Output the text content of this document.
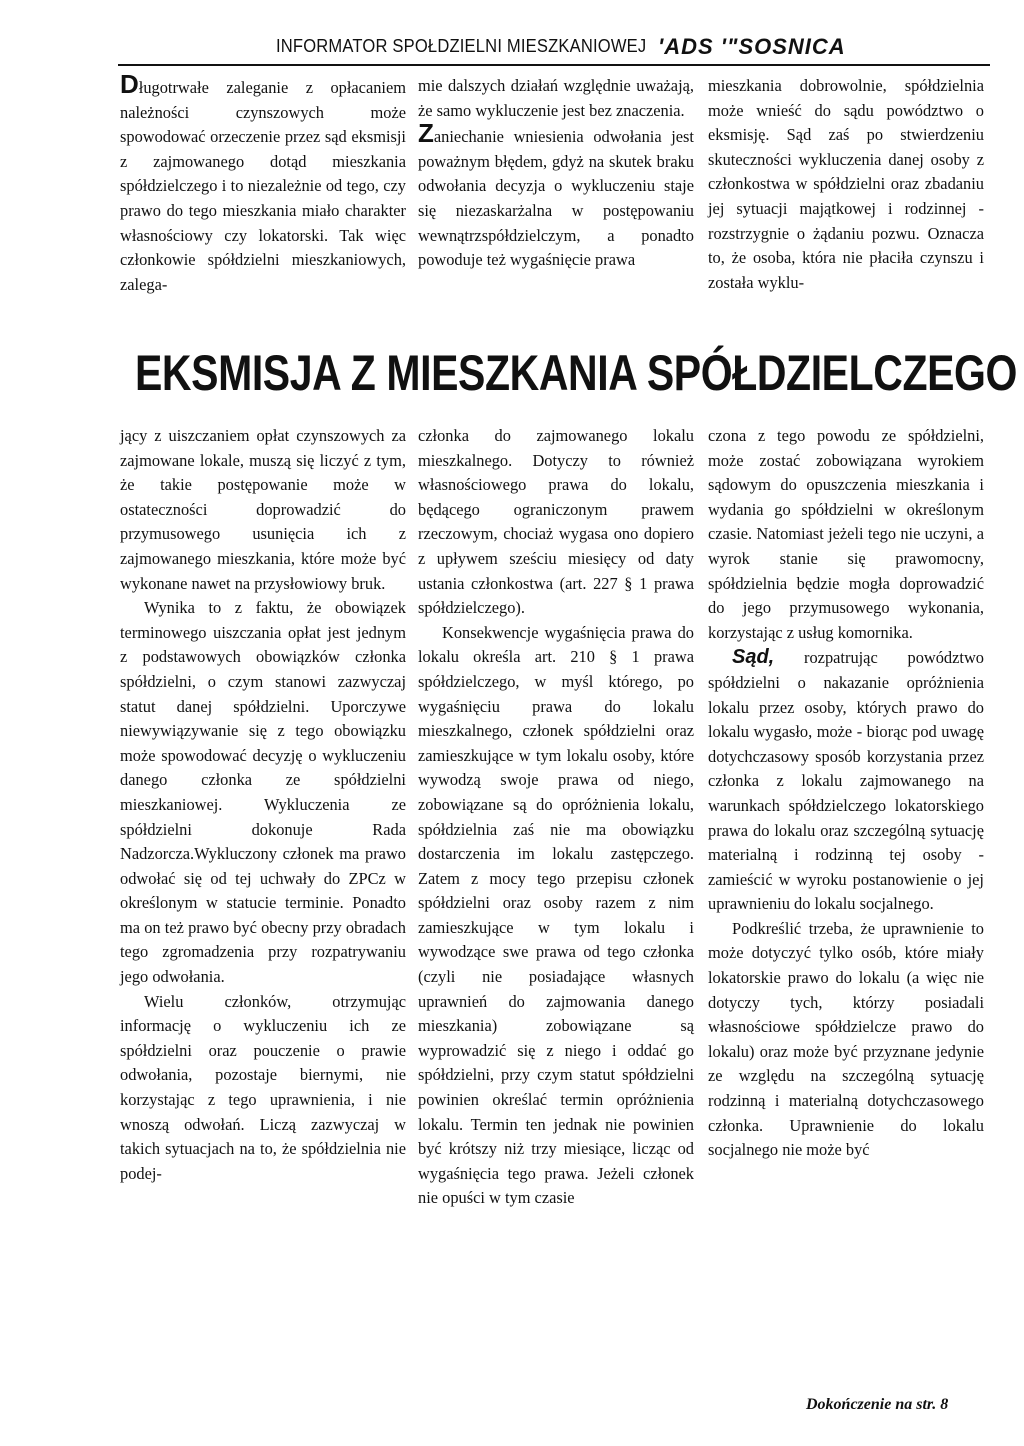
INFORMATOR SPOŁDZIELNI MIESZKANIOWEJ 'ADS '"SOSNICA

Długotrwałe zaleganie z opłacaniem należności czynszowych może spowodować orzeczenie przez sąd eksmisji z zajmowanego dotąd mieszkania spółdzielczego i to niezależnie od tego, czy prawo do tego mieszkania miało charakter własnościowy czy lokatorski. Tak więc członkowie spółdzielni mieszkaniowych, zalega-

mie dalszych działań względnie uważają, że samo wykluczenie jest bez znaczenia.

Zaniechanie wniesienia odwołania jest poważnym błędem, gdyż na skutek braku odwołania decyzja o wykluczeniu staje się niezaskarżalna w postępowaniu wewnątrzspółdzielczym, a ponadto powoduje też wygaśnięcie prawa

mieszkania dobrowolnie, spółdzielnia może wnieść do sądu powództwo o eksmisję. Sąd zaś po stwierdzeniu skuteczności wykluczenia danej osoby z członkostwa w spółdzielni oraz zbadaniu jej sytuacji majątkowej i rodzinnej - rozstrzygnie o żądaniu pozwu. Oznacza to, że osoba, która nie płaciła czynszu i została wyklu-

EKSMISJA Z MIESZKANIA SPÓŁDZIELCZEGO

jący z uiszczaniem opłat czynszowych za zajmowane lokale, muszą się liczyć z tym, że takie postępowanie może w ostateczności doprowadzić do przymusowego usunięcia ich z zajmowanego mieszkania, które może być wykonane nawet na przysłowiowy bruk.

Wynika to z faktu, że obowiązek terminowego uiszczania opłat jest jednym z podstawowych obowiązków członka spółdzielni, o czym stanowi zazwyczaj statut danej spółdzielni. Uporczywe niewywiązywanie się z tego obowiązku może spowodować decyzję o wykluczeniu danego członka ze spółdzielni mieszkaniowej. Wykluczenia ze spółdzielni dokonuje Rada Nadzorcza.Wykluczony członek ma prawo odwołać się od tej uchwały do ZPCz w określonym w statucie terminie. Ponadto ma on też prawo być obecny przy obradach tego zgromadzenia przy rozpatrywaniu jego odwołania.

Wielu członków, otrzymując informację o wykluczeniu ich ze spółdzielni oraz pouczenie o prawie odwołania, pozostaje biernymi, nie korzystając z tego uprawnienia, i nie wnoszą odwołań. Liczą zazwyczaj w takich sytuacjach na to, że spółdzielnia nie podej-

członka do zajmowanego lokalu mieszkalnego. Dotyczy to również własnościowego prawa do lokalu, będącego ograniczonym prawem rzeczowym, chociaż wygasa ono dopiero z upływem sześciu miesięcy od daty ustania członkostwa (art. 227 § 1 prawa spółdzielczego).

Konsekwencje wygaśnięcia prawa do lokalu określa art. 210 § 1 prawa spółdzielczego, w myśl którego, po wygaśnięciu prawa do lokalu mieszkalnego, członek spółdzielni oraz zamieszkujące w tym lokalu osoby, które wywodzą swoje prawa od niego, zobowiązane są do opróżnienia lokalu, spółdzielnia zaś nie ma obowiązku dostarczenia im lokalu zastępczego. Zatem z mocy tego przepisu członek spółdzielni oraz osoby razem z nim zamieszkujące w tym lokalu i wywodzące swe prawa od tego członka (czyli nie posiadające własnych uprawnień do zajmowania danego mieszkania) zobowiązane są wyprowadzić się z niego i oddać go spółdzielni, przy czym statut spółdzielni powinien określać termin opróżnienia lokalu. Termin ten jednak nie powinien być krótszy niż trzy miesiące, licząc od wygaśnięcia tego prawa. Jeżeli członek nie opuści w tym czasie

czona z tego powodu ze spółdzielni, może zostać zobowiązana wyrokiem sądowym do opuszczenia mieszkania i wydania go spółdzielni w określonym czasie. Natomiast jeżeli tego nie uczyni, a wyrok stanie się prawomocny, spółdzielnia będzie mogła doprowadzić do jego przymusowego wykonania, korzystając z usług komornika.

Sąd, rozpatrując powództwo spółdzielni o nakazanie opróżnienia lokalu przez osoby, których prawo do lokalu wygasło, może - biorąc pod uwagę dotychczasowy sposób korzystania przez członka z lokalu zajmowanego na warunkach spółdzielczego lokatorskiego prawa do lokalu oraz szczególną sytuację materialną i rodzinną tej osoby - zamieścić w wyroku postanowienie o jej uprawnieniu do lokalu socjalnego.

Podkreślić trzeba, że uprawnienie to może dotyczyć tylko osób, które miały lokatorskie prawo do lokalu (a więc nie dotyczy tych, którzy posiadali własnościowe spółdzielcze prawo do lokalu) oraz może być przyznane jedynie ze względu na szczególną sytuację rodzinną i materialną dotychczasowego członka. Uprawnienie do lokalu socjalnego nie może być

Dokończenie na str. 8
